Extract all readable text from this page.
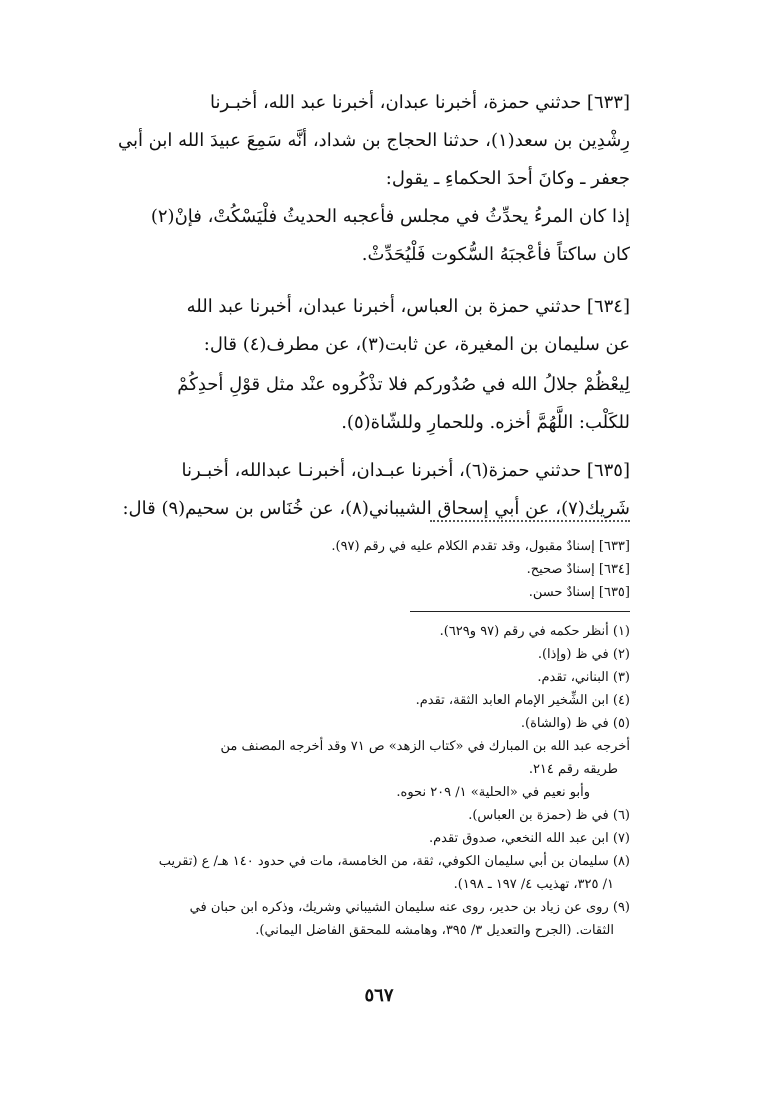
[٦٣٣] حدثني حمزة، أخبرنا عبدان، أخبرنا عبد الله، أخبـرنا
رِشْدِين بن سعد(١)، حدثنا الحجاج بن شداد، أنَّه سَمِعَ عبيدَ الله ابن أبي
جعفر ـ وكانَ أحدَ الحكماءِ ـ يقول:
إذا كان المرءُ يحدِّثُ في مجلس فأعجبه الحديثُ فلْيَسْكُتْ، فإنْ(٢)
كان ساكتاً فأعْجبَهُ السُّكوت فَلْيُحَدِّثْ.
[٦٣٤] حدثني حمزة بن العباس، أخبرنا عبدان، أخبرنا عبد الله
عن سليمان بن المغيرة، عن ثابت(٣)، عن مطرف(٤) قال:
لِيعْظُمْ جلالُ الله في صُدُوركم فلا تذْكُروه عنْد مثل قوْلِ أحدِكُمْ
للكَلْب: اللَّهُمَّ أخزه. وللحمارِ وللشّاة(٥).
[٦٣٥] حدثني حمزة(٦)، أخبرنا عبـدان، أخبرنـا عبدالله، أخبـرنا
شَريك(٧)، عن أبي إسحاق الشيباني(٨)، عن خُنَاس بن سحيم(٩) قال:
[٦٣٣] إسنادٌ مقبول، وقد تقدم الكلام عليه في رقم (٩٧).
[٦٣٤] إسنادٌ صحيح.
[٦٣٥] إسنادٌ حسن.
(١) أنظر حكمه في رقم (٩٧ و٦٢٩).
(٢) في ظ (وإذا).
(٣) البناني، تقدم.
(٤) ابن الشِّخير الإمام العابد الثقة، تقدم.
(٥) في ظ (والشاة).
أخرجه عبد الله بن المبارك في «كتاب الزهد» ص ٧١ وقد أخرجه المصنف من
طريقه رقم ٢١٤.
وأبو نعيم في «الحلية» ١/ ٢٠٩ نحوه.
(٦) في ظ (حمزة بن العباس).
(٧) ابن عبد الله النخعي، صدوق تقدم.
(٨) سليمان بن أبي سليمان الكوفي، ثقة، من الخامسة، مات في حدود ١٤٠ هـ/ ع (تقريب
١/ ٣٢٥، تهذيب ٤/ ١٩٧ ـ ١٩٨).
(٩) روى عن زياد بن حدير، روى عنه سليمان الشيباني وشريك، وذكره ابن حبان في
الثقات. (الجرح والتعديل ٣/ ٣٩٥، وهامشه للمحقق الفاضل اليماني).
٥٦٧
